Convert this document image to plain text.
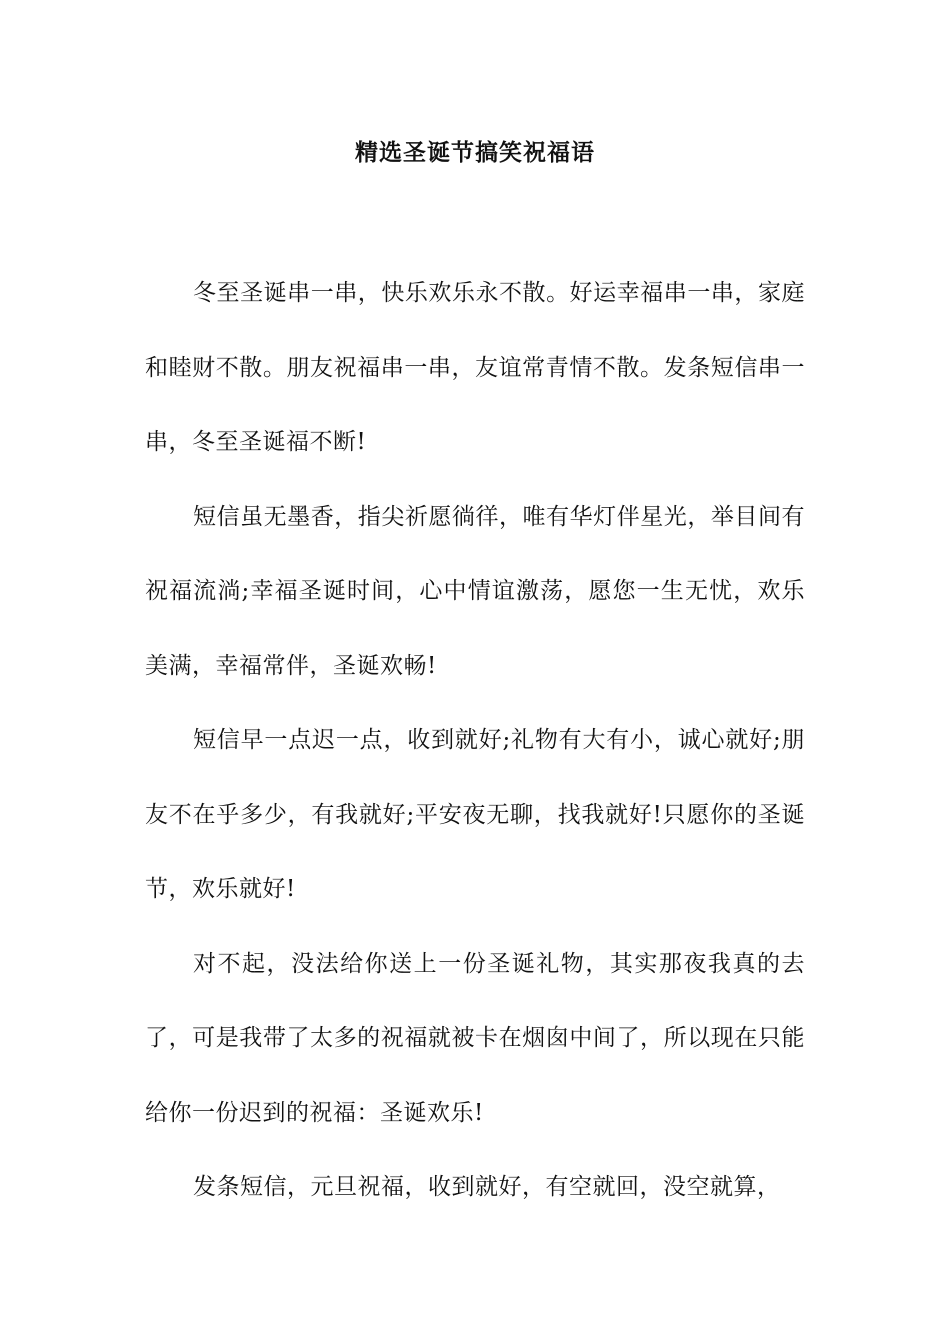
精选圣诞节搞笑祝福语

冬至圣诞串一串，快乐欢乐永不散。好运幸福串一串，家庭和睦财不散。朋友祝福串一串，友谊常青情不散。发条短信串一串，冬至圣诞福不断!

短信虽无墨香，指尖祈愿徜徉，唯有华灯伴星光，举目间有祝福流淌;幸福圣诞时间，心中情谊激荡，愿您一生无忧，欢乐美满，幸福常伴，圣诞欢畅!

短信早一点迟一点，收到就好;礼物有大有小，诚心就好;朋友不在乎多少，有我就好;平安夜无聊，找我就好!只愿你的圣诞节，欢乐就好!

对不起，没法给你送上一份圣诞礼物，其实那夜我真的去了，可是我带了太多的祝福就被卡在烟囱中间了，所以现在只能给你一份迟到的祝福：圣诞欢乐!

发条短信，元旦祝福，收到就好，有空就回，没空就算，
